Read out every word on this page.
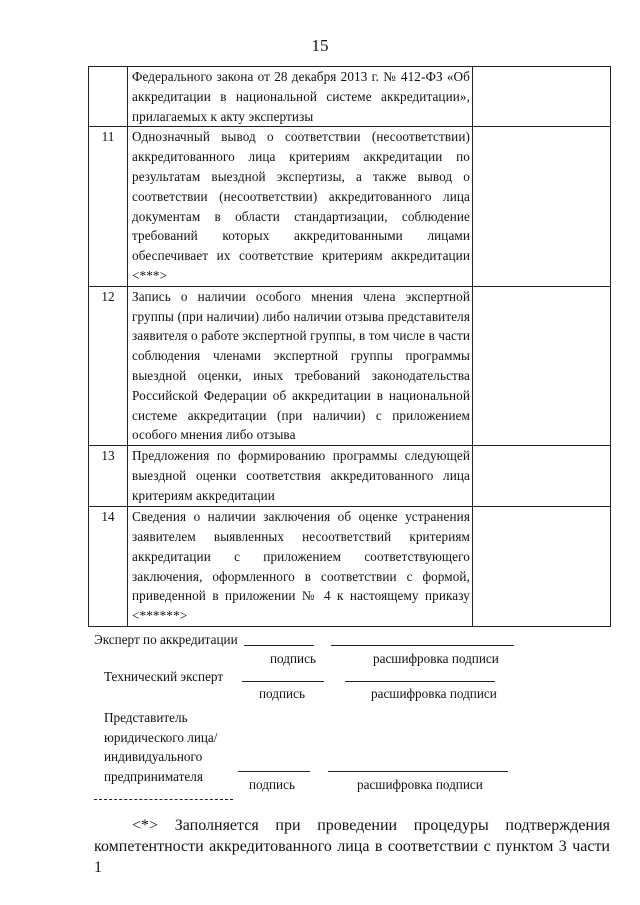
15
	Федерального закона от 28 декабря 2013 г. № 412-ФЗ «Об аккредитации в национальной системе аккредитации», прилагаемых к акту экспертизы	
11	Однозначный вывод о соответствии (несоответствии) аккредитованного лица критериям аккредитации по результатам выездной экспертизы, а также вывод о соответствии (несоответствии) аккредитованного лица документам в области стандартизации, соблюдение требований которых аккредитованными лицами обеспечивает их соответствие критериям аккредитации <***>	
12	Запись о наличии особого мнения члена экспертной группы (при наличии) либо наличии отзыва представителя заявителя о работе экспертной группы, в том числе в части соблюдения членами экспертной группы программы выездной оценки, иных требований законодательства Российской Федерации об аккредитации в национальной системе аккредитации (при наличии) с приложением особого мнения либо отзыва	
13	Предложения по формированию программы следующей выездной оценки соответствия аккредитованного лица критериям аккредитации	
14	Сведения о наличии заключения об оценке устранения заявителем выявленных несоответствий критериям аккредитации с приложением соответствующего заключения, оформленного в соответствии с формой, приведенной в приложении № 4 к настоящему приказу <******>	
Эксперт по аккредитации
подпись	расшифровка подписи
Технический эксперт
подпись	расшифровка подписи
Представитель
юридического лица/
индивидуального
предпринимателя
подпись	расшифровка подписи
<*> Заполняется при проведении процедуры подтверждения
компетентности аккредитованного лица в соответствии с пунктом 3 части 1
